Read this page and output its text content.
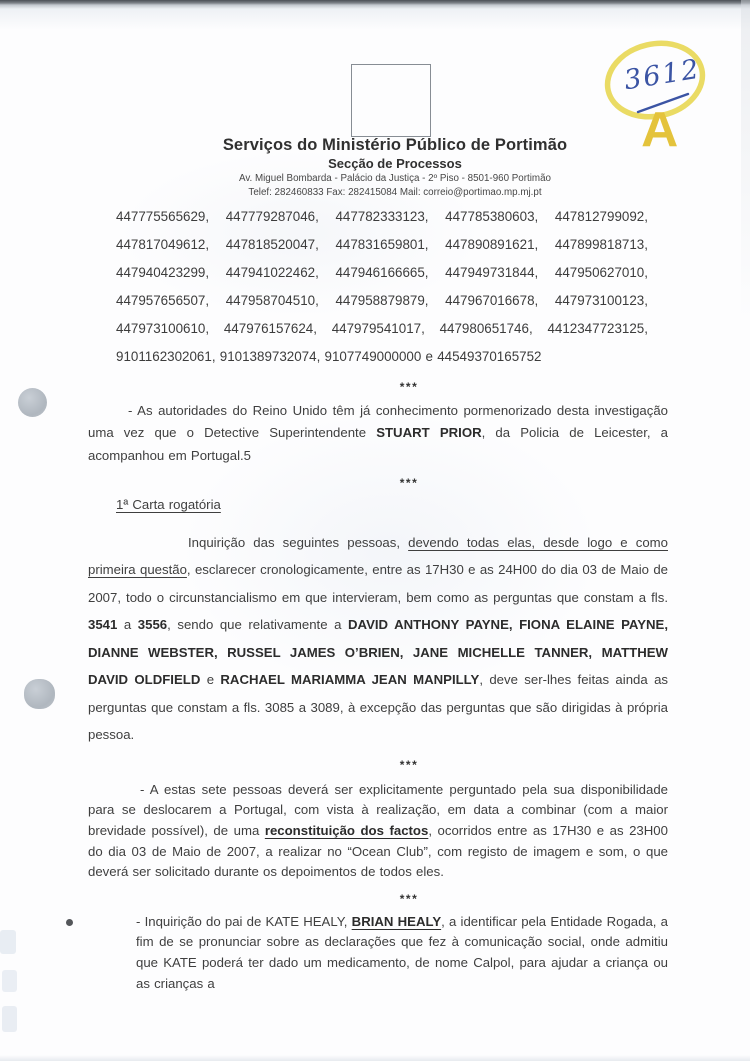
Serviços do Ministério Público de Portimão
Secção de Processos
Av. Miguel Bombarda - Palácio da Justiça - 2º Piso - 8501-960 Portimão
Telef: 282460833 Fax: 282415084 Mail: correio@portimao.mp.mj.pt
3612
A
447775565629, 447779287046, 447782333123, 447785380603, 447812799092,
447817049612, 447818520047, 447831659801, 447890891621, 447899818713,
447940423299, 447941022462, 447946166665, 447949731844, 447950627010,
447957656507, 447958704510, 447958879879, 447967016678, 447973100123,
447973100610, 447976157624, 447979541017, 447980651746, 4412347723125,
9101162302061, 9101389732074, 9107749000000 e 44549370165752
***
- As autoridades do Reino Unido têm já conhecimento pormenorizado desta investigação uma vez que o Detective Superintendente STUART PRIOR, da Policia de Leicester, a acompanhou em Portugal.5
***
1ª Carta rogatória
Inquirição das seguintes pessoas, devendo todas elas, desde logo e como primeira questão, esclarecer cronologicamente, entre as 17H30 e as 24H00 do dia 03 de Maio de 2007, todo o circunstancialismo em que intervieram, bem como as perguntas que constam a fls. 3541 a 3556, sendo que relativamente a DAVID ANTHONY PAYNE, FIONA ELAINE PAYNE, DIANNE WEBSTER, RUSSEL JAMES O’BRIEN, JANE MICHELLE TANNER, MATTHEW DAVID OLDFIELD e RACHAEL MARIAMMA JEAN MANPILLY, deve ser-lhes feitas ainda as perguntas que constam a fls. 3085 a 3089, à excepção das perguntas que são dirigidas à própria pessoa.
***
- A estas sete pessoas deverá ser explicitamente perguntado pela sua disponibilidade para se deslocarem a Portugal, com vista à realização, em data a combinar (com a maior brevidade possível), de uma reconstituição dos factos, ocorridos entre as 17H30 e as 23H00 do dia 03 de Maio de 2007, a realizar no “Ocean Club”, com registo de imagem e som, o que deverá ser solicitado durante os depoimentos de todos eles.
***
- Inquirição do pai de KATE HEALY, BRIAN HEALY, a identificar pela Entidade Rogada, a fim de se pronunciar sobre as declarações que fez à comunicação social, onde admitiu que KATE poderá ter dado um medicamento, de nome Calpol, para ajudar a criança ou as crianças a
